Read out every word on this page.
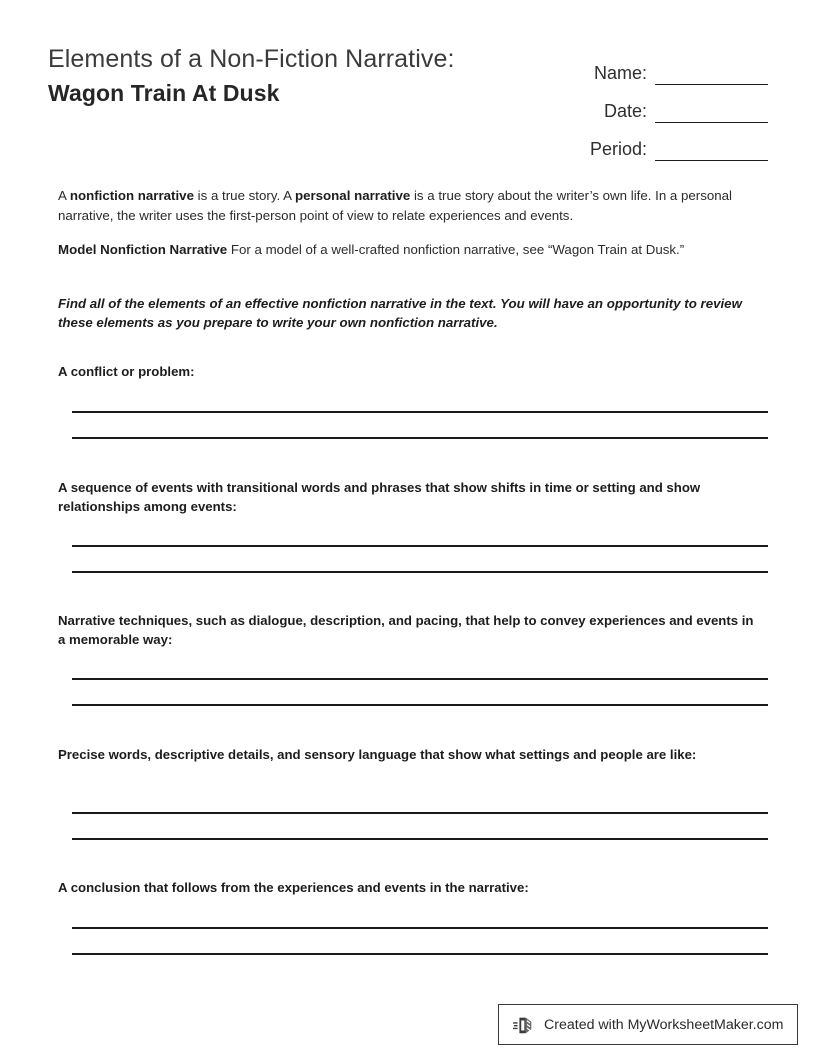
Elements of a Non-Fiction Narrative:
Wagon Train At Dusk
Name:
Date:
Period:

A nonfiction narrative is a true story. A personal narrative is a true story about the writer’s own life. In a personal narrative, the writer uses the first-person point of view to relate experiences and events.

Model Nonfiction Narrative For a model of a well-crafted nonfiction narrative, see “Wagon Train at Dusk.”

Find all of the elements of an effective nonfiction narrative in the text. You will have an opportunity to review these elements as you prepare to write your own nonfiction narrative.

A conflict or problem:
A sequence of events with transitional words and phrases that show shifts in time or setting and show relationships among events:
Narrative techniques, such as dialogue, description, and pacing, that help to convey experiences and events in a memorable way:
Precise words, descriptive details, and sensory language that show what settings and people are like:
A conclusion that follows from the experiences and events in the narrative:
Created with MyWorksheetMaker.com
